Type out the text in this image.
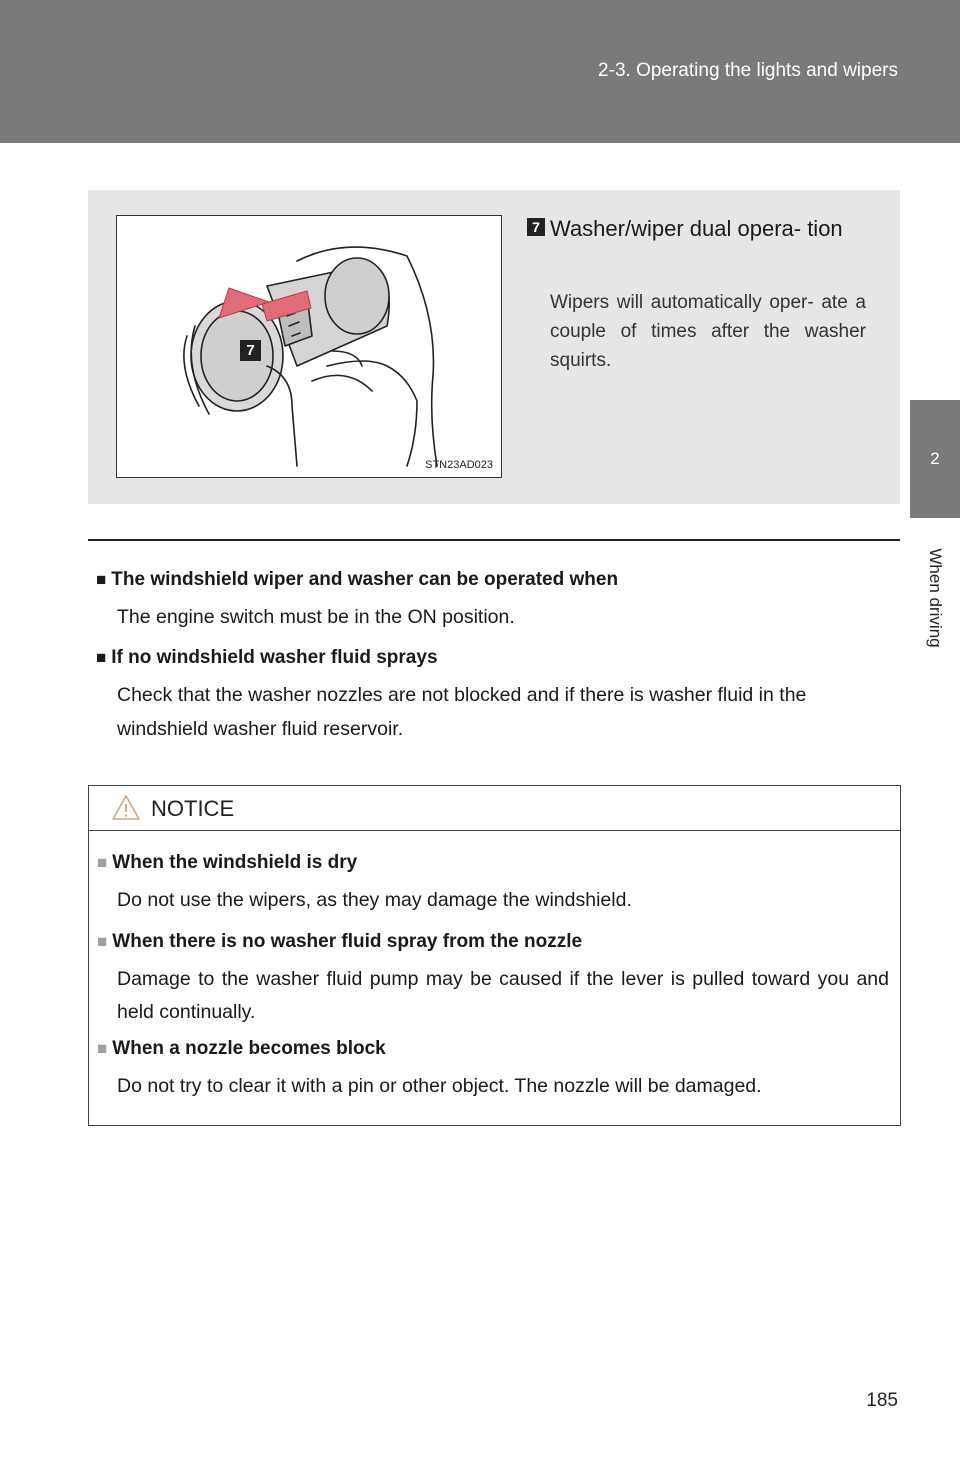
2-3. Operating the lights and wipers
2
When driving
STN23AD023
7
7 Washer/wiper dual opera- tion
Wipers will automatically oper- ate a couple of times after the washer squirts.
■ The windshield wiper and washer can be operated when
The engine switch must be in the ON position.
■ If no windshield washer fluid sprays
Check that the washer nozzles are not blocked and if there is washer fluid in the windshield washer fluid reservoir.
NOTICE
■ When the windshield is dry
Do not use the wipers, as they may damage the windshield.
■ When there is no washer fluid spray from the nozzle
Damage to the washer fluid pump may be caused if the lever is pulled toward you and held continually.
■ When a nozzle becomes block
Do not try to clear it with a pin or other object. The nozzle will be damaged.
185
